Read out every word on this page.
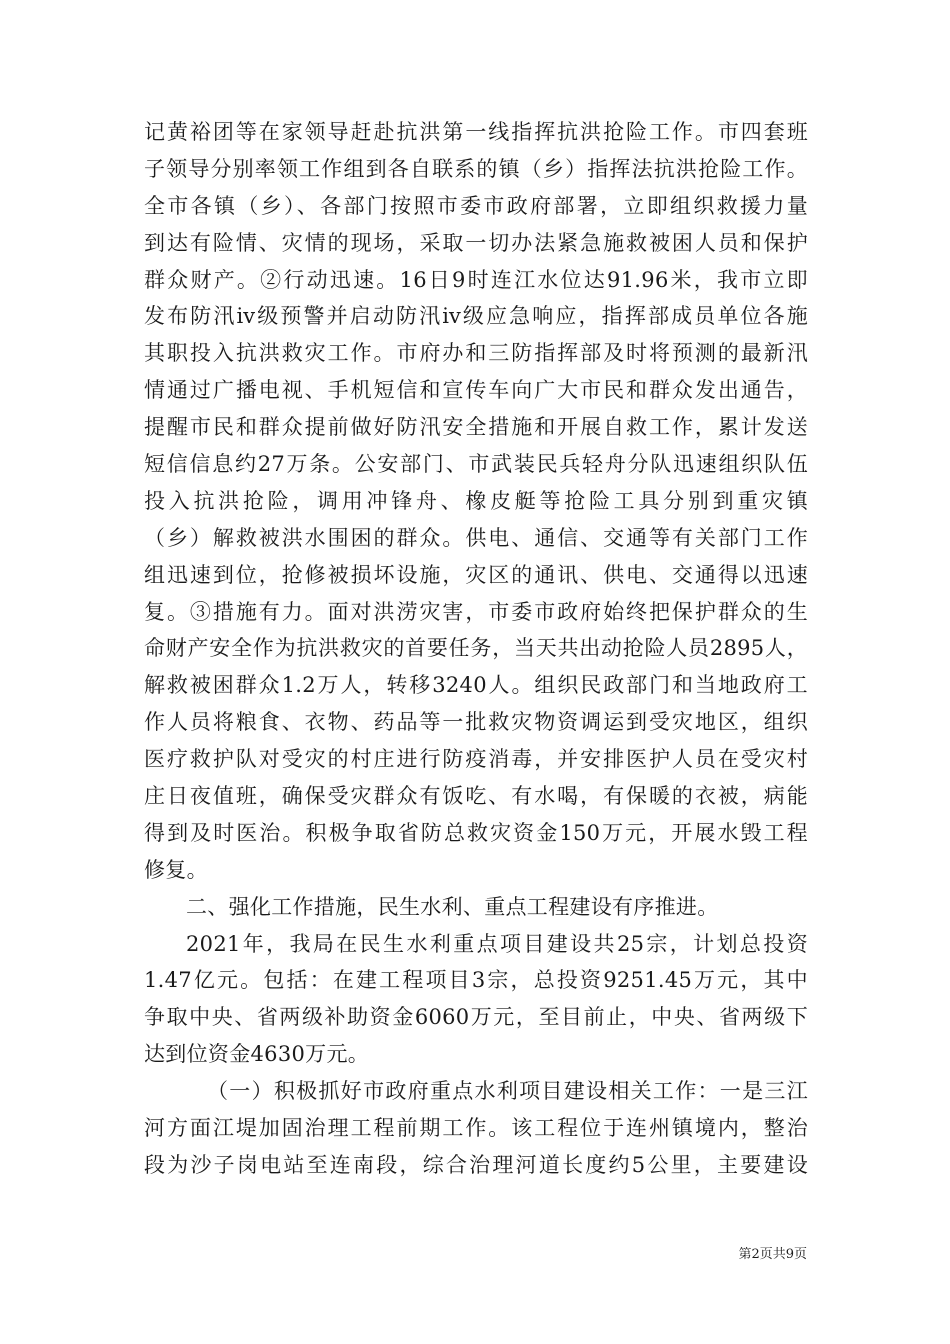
记黄裕团等在家领导赶赴抗洪第一线指挥抗洪抢险工作。市四套班
子领导分别率领工作组到各自联系的镇（乡）指挥法抗洪抢险工作。
全市各镇（乡）、各部门按照市委市政府部署，立即组织救援力量
到达有险情、灾情的现场，采取一切办法紧急施救被困人员和保护
群众财产。②行动迅速。16日9时连江水位达91.96米，我市立即
发布防汛ⅳ级预警并启动防汛ⅳ级应急响应，指挥部成员单位各施
其职投入抗洪救灾工作。市府办和三防指挥部及时将预测的最新汛
情通过广播电视、手机短信和宣传车向广大市民和群众发出通告，
提醒市民和群众提前做好防汛安全措施和开展自救工作，累计发送
短信信息约27万条。公安部门、市武装民兵轻舟分队迅速组织队伍
投入抗洪抢险，调用冲锋舟、橡皮艇等抢险工具分别到重灾镇
（乡）解救被洪水围困的群众。供电、通信、交通等有关部门工作
组迅速到位，抢修被损坏设施，灾区的通讯、供电、交通得以迅速
复。③措施有力。面对洪涝灾害，市委市政府始终把保护群众的生
命财产安全作为抗洪救灾的首要任务，当天共出动抢险人员2895人，
解救被困群众1.2万人，转移3240人。组织民政部门和当地政府工
作人员将粮食、衣物、药品等一批救灾物资调运到受灾地区，组织
医疗救护队对受灾的村庄进行防疫消毒，并安排医护人员在受灾村
庄日夜值班，确保受灾群众有饭吃、有水喝，有保暖的衣被，病能
得到及时医治。积极争取省防总救灾资金150万元，开展水毁工程
修复。
二、强化工作措施，民生水利、重点工程建设有序推进。
2021年，我局在民生水利重点项目建设共25宗，计划总投资
1.47亿元。包括：在建工程项目3宗，总投资9251.45万元，其中
争取中央、省两级补助资金6060万元，至目前止，中央、省两级下
达到位资金4630万元。
（一）积极抓好市政府重点水利项目建设相关工作：一是三江
河方面江堤加固治理工程前期工作。该工程位于连州镇境内，整治
段为沙子岗电站至连南段，综合治理河道长度约5公里，主要建设
第2页共9页
